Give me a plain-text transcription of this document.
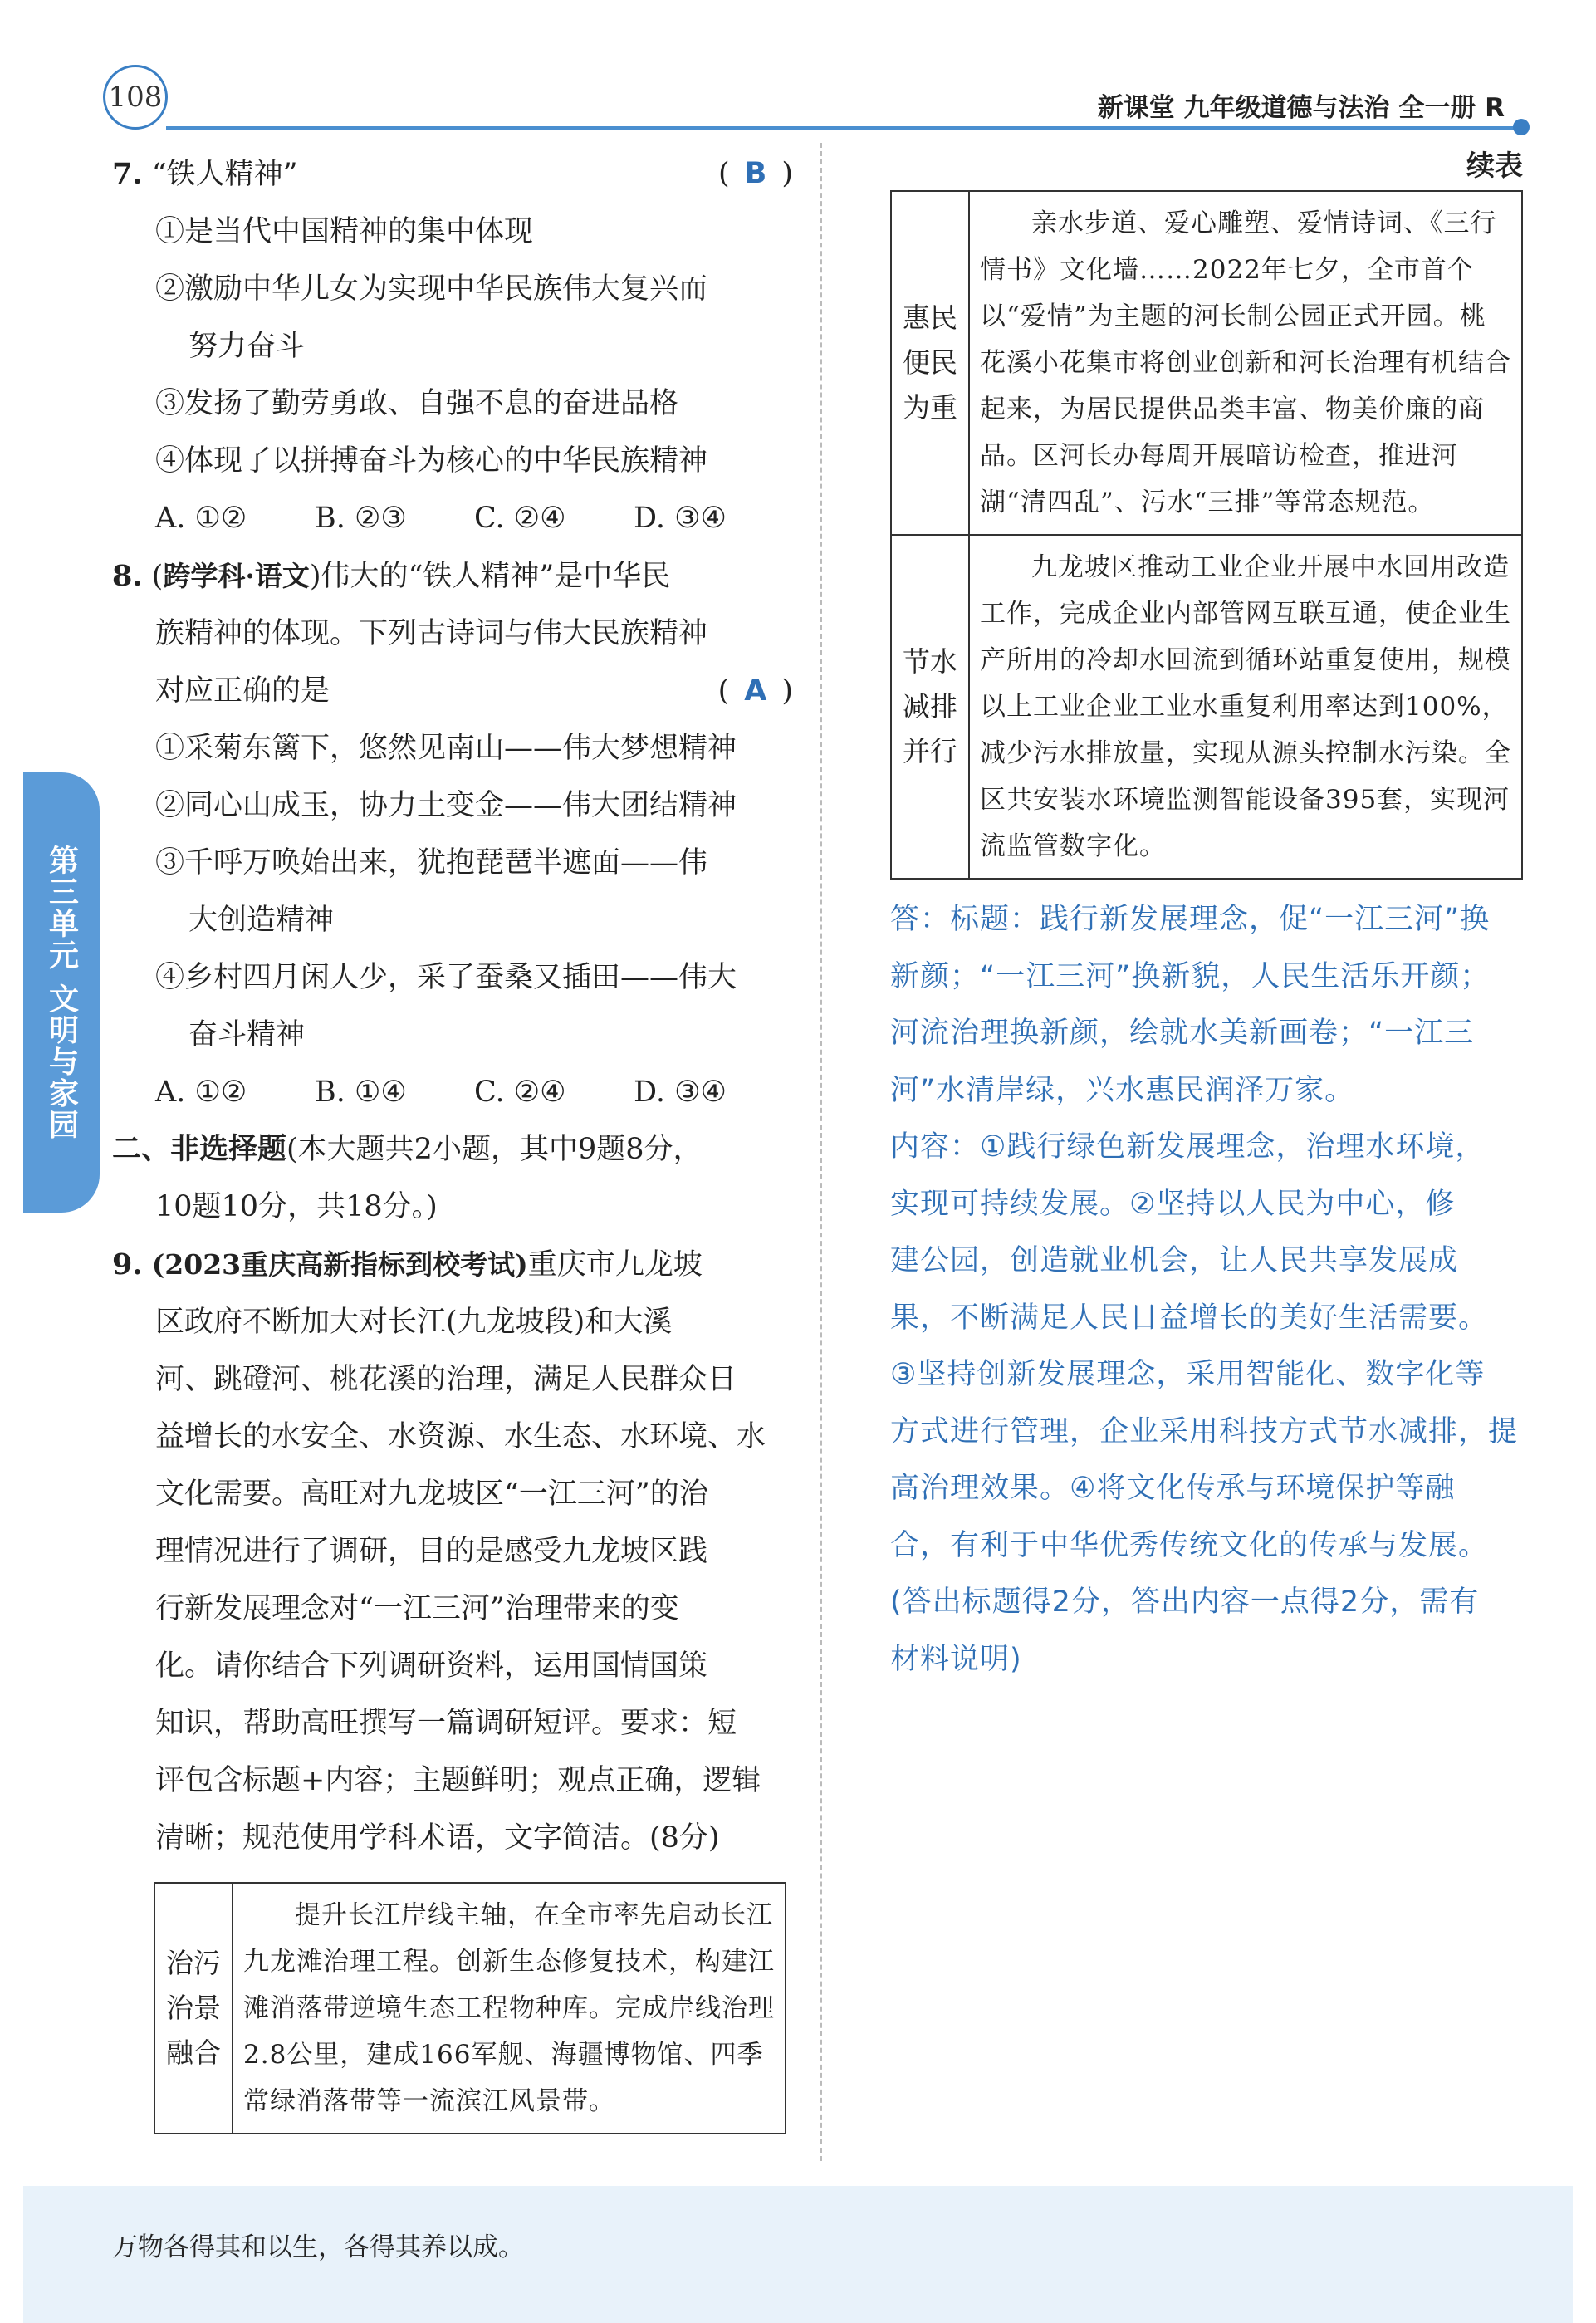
108	新课堂 九年级道德与法治 全一册 R
第三单元 文明与家园
7. “铁人精神”	( B )
①是当代中国精神的集中体现
②激励中华儿女为实现中华民族伟大复兴而
努力奋斗
③发扬了勤劳勇敢、自强不息的奋进品格
④体现了以拼搏奋斗为核心的中华民族精神
A. ①②	B. ②③	C. ②④	D. ③④
8. (跨学科·语文)伟大的“铁人精神”是中华民
族精神的体现。下列古诗词与伟大民族精神
对应正确的是	( A )
①采菊东篱下，悠然见南山——伟大梦想精神
②同心山成玉，协力土变金——伟大团结精神
③千呼万唤始出来，犹抱琵琶半遮面——伟
大创造精神
④乡村四月闲人少，采了蚕桑又插田——伟大
奋斗精神
A. ①②	B. ①④	C. ②④	D. ③④
二、非选择题(本大题共2小题，其中9题8分，
10题10分，共18分。)
9. (2023重庆高新指标到校考试)重庆市九龙坡
区政府不断加大对长江(九龙坡段)和大溪
河、跳磴河、桃花溪的治理，满足人民群众日
益增长的水安全、水资源、水生态、水环境、水
文化需要。高旺对九龙坡区“一江三河”的治
理情况进行了调研，目的是感受九龙坡区践
行新发展理念对“一江三河”治理带来的变
化。请你结合下列调研资料，运用国情国策
知识，帮助高旺撰写一篇调研短评。要求：短
评包含标题+内容；主题鲜明；观点正确，逻辑
清晰；规范使用学科术语，文字简洁。(8分)
治污治景融合	提升长江岸线主轴，在全市率先启动长江九龙滩治理工程。创新生态修复技术，构建江滩消落带逆境生态工程物种库。完成岸线治理2.8公里，建成166军舰、海疆博物馆、四季常绿消落带等一流滨江风景带。
续表
惠民便民为重	亲水步道、爱心雕塑、爱情诗词、《三行情书》文化墙……2022年七夕，全市首个以“爱情”为主题的河长制公园正式开园。桃花溪小花集市将创业创新和河长治理有机结合起来，为居民提供品类丰富、物美价廉的商品。区河长办每周开展暗访检查，推进河湖“清四乱”、污水“三排”等常态规范。
节水减排并行	九龙坡区推动工业企业开展中水回用改造工作，完成企业内部管网互联互通，使企业生产所用的冷却水回流到循环站重复使用，规模以上工业企业工业水重复利用率达到100%，减少污水排放量，实现从源头控制水污染。全区共安装水环境监测智能设备395套，实现河流监管数字化。
答：标题：践行新发展理念，促“一江三河”换
新颜；“一江三河”换新貌，人民生活乐开颜；
河流治理换新颜，绘就水美新画卷；“一江三
河”水清岸绿，兴水惠民润泽万家。
内容：①践行绿色新发展理念，治理水环境，
实现可持续发展。②坚持以人民为中心，修
建公园，创造就业机会，让人民共享发展成
果，不断满足人民日益增长的美好生活需要。
③坚持创新发展理念，采用智能化、数字化等
方式进行管理，企业采用科技方式节水减排，提
高治理效果。④将文化传承与环境保护等融
合，有利于中华优秀传统文化的传承与发展。
(答出标题得2分，答出内容一点得2分，需有
材料说明)
万物各得其和以生，各得其养以成。
